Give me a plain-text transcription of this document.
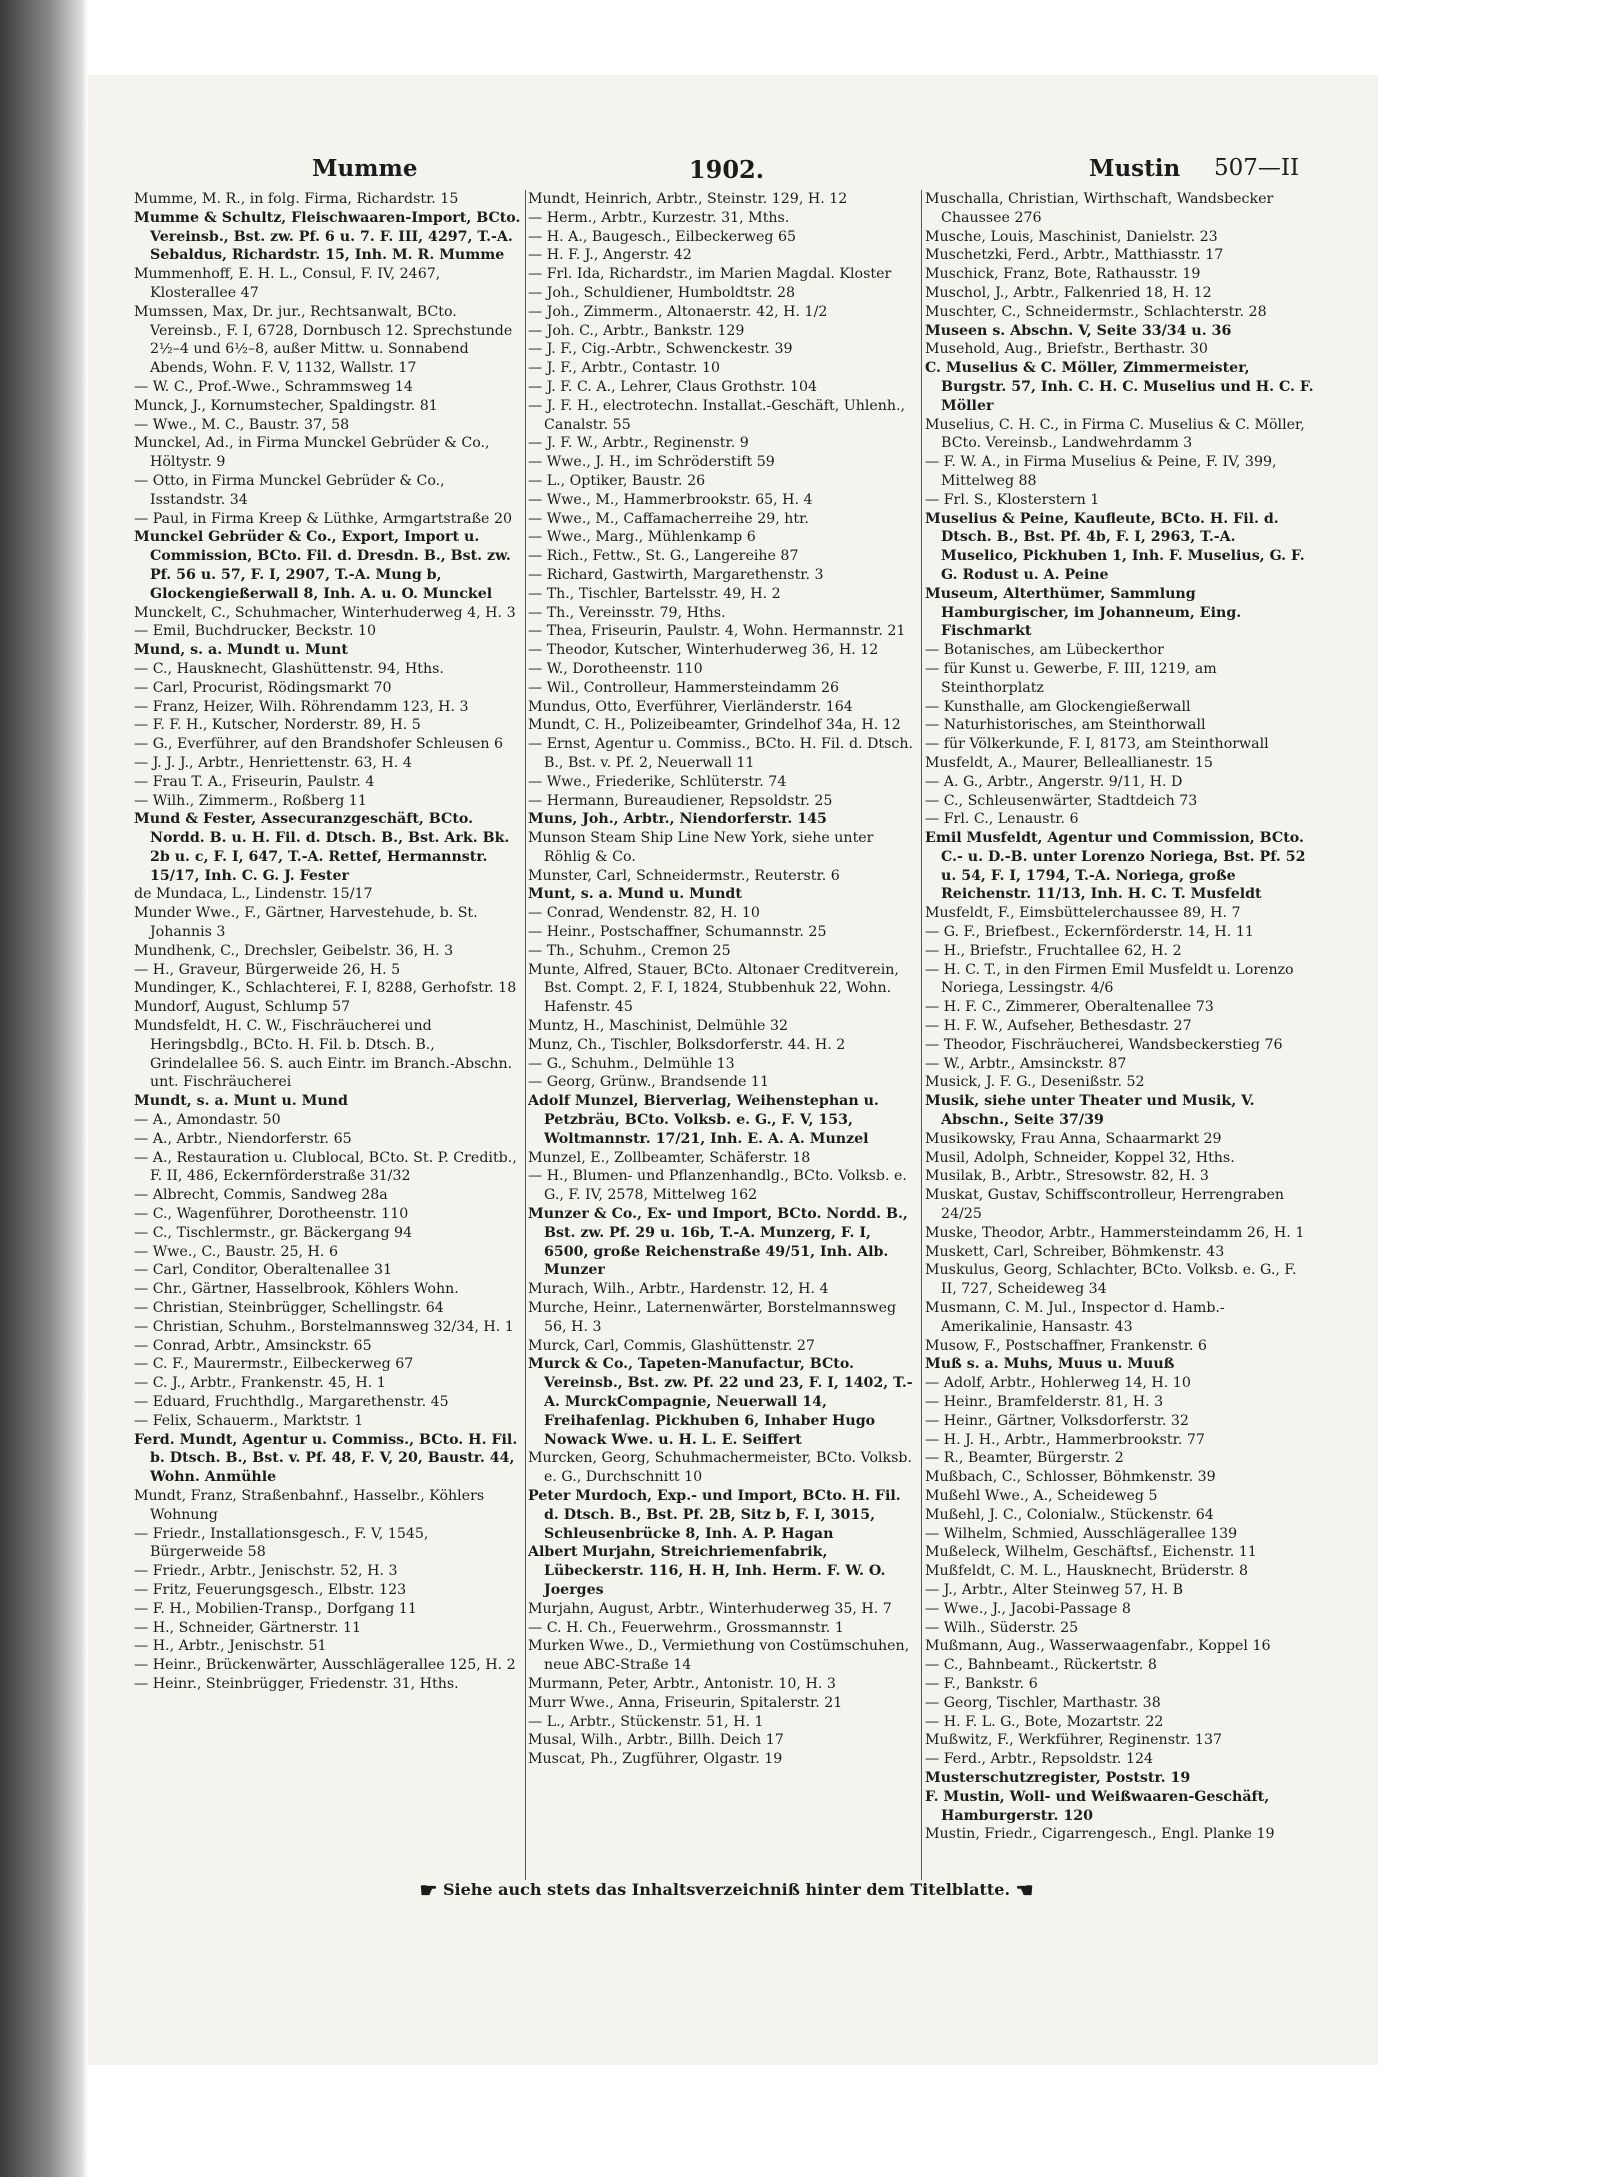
Mumme	1902.	Mustin 507—II

Mumme, M. R., in folg. Firma, Richardstr. 15

Mumme & Schultz, Fleischwaaren-Import, BCto. Vereinsb., Bst. zw. Pf. 6 u. 7. F. III, 4297, T.-A. Sebaldus, Richardstr. 15, Inh. M. R. Mumme

Mummenhoff, E. H. L., Consul, F. IV, 2467, Klosterallee 47

Mumssen, Max, Dr. jur., Rechtsanwalt, BCto. Vereinsb., F. I, 6728, Dornbusch 12. Sprechstunde 2½–4 und 6½–8, außer Mittw. u. Sonnabend Abends, Wohn. F. V, 1132, Wallstr. 17

— W. C., Prof.-Wwe., Schrammsweg 14

Munck, J., Kornumstecher, Spaldingstr. 81

— Wwe., M. C., Baustr. 37, 58

Munckel, Ad., in Firma Munckel Gebrüder & Co., Höltystr. 9

— Otto, in Firma Munckel Gebrüder & Co., Isstandstr. 34

— Paul, in Firma Kreep & Lüthke, Armgartstraße 20

Munckel Gebrüder & Co., Export, Import u. Commission, BCto. Fil. d. Dresdn. B., Bst. zw. Pf. 56 u. 57, F. I, 2907, T.-A. Mung b, Glockengießerwall 8, Inh. A. u. O. Munckel

Munckelt, C., Schuhmacher, Winterhuderweg 4, H. 3

— Emil, Buchdrucker, Beckstr. 10

Mund, s. a. Mundt u. Munt

— C., Hausknecht, Glashüttenstr. 94, Hths.

— Carl, Procurist, Rödingsmarkt 70

— Franz, Heizer, Wilh. Röhrendamm 123, H. 3

— F. F. H., Kutscher, Norderstr. 89, H. 5

— G., Everführer, auf den Brandshofer Schleusen 6

— J. J. J., Arbtr., Henriettenstr. 63, H. 4

— Frau T. A., Friseurin, Paulstr. 4

— Wilh., Zimmerm., Roßberg 11

Mund & Fester, Assecuranzgeschäft, BCto. Nordd. B. u. H. Fil. d. Dtsch. B., Bst. Ark. Bk. 2b u. c, F. I, 647, T.-A. Rettef, Hermannstr. 15/17, Inh. C. G. J. Fester

de Mundaca, L., Lindenstr. 15/17

Munder Wwe., F., Gärtner, Harvestehude, b. St. Johannis 3

Mundhenk, C., Drechsler, Geibelstr. 36, H. 3

— H., Graveur, Bürgerweide 26, H. 5

Mundinger, K., Schlachterei, F. I, 8288, Gerhofstr. 18

Mundorf, August, Schlump 57

Mundsfeldt, H. C. W., Fischräucherei und Heringsbdlg., BCto. H. Fil. b. Dtsch. B., Grindelallee 56. S. auch Eintr. im Branch.-Abschn. unt. Fischräucherei

Mundt, s. a. Munt u. Mund

— A., Amondastr. 50

— A., Arbtr., Niendorferstr. 65

— A., Restauration u. Clublocal, BCto. St. P. Creditb., F. II, 486, Eckernförderstraße 31/32

— Albrecht, Commis, Sandweg 28a

— C., Wagenführer, Dorotheenstr. 110

— C., Tischlermstr., gr. Bäckergang 94

— Wwe., C., Baustr. 25, H. 6

— Carl, Conditor, Oberaltenallee 31

— Chr., Gärtner, Hasselbrook, Köhlers Wohn.

— Christian, Steinbrügger, Schellingstr. 64

— Christian, Schuhm., Borstelmannsweg 32/34, H. 1

— Conrad, Arbtr., Amsinckstr. 65

— C. F., Maurermstr., Eilbeckerweg 67

— C. J., Arbtr., Frankenstr. 45, H. 1

— Eduard, Fruchthdlg., Margarethenstr. 45

— Felix, Schauerm., Marktstr. 1

Ferd. Mundt, Agentur u. Commiss., BCto. H. Fil. b. Dtsch. B., Bst. v. Pf. 48, F. V, 20, Baustr. 44, Wohn. Anmühle

Mundt, Franz, Straßenbahnf., Hasselbr., Köhlers Wohnung

— Friedr., Installationsgesch., F. V, 1545, Bürgerweide 58

— Friedr., Arbtr., Jenischstr. 52, H. 3

— Fritz, Feuerungsgesch., Elbstr. 123

— F. H., Mobilien-Transp., Dorfgang 11

— H., Schneider, Gärtnerstr. 11

— H., Arbtr., Jenischstr. 51

— Heinr., Brückenwärter, Ausschlägerallee 125, H. 2

— Heinr., Steinbrügger, Friedenstr. 31, Hths.

Mundt, Heinrich, Arbtr., Steinstr. 129, H. 12

— Herm., Arbtr., Kurzestr. 31, Mths.

— H. A., Baugesch., Eilbeckerweg 65

— H. F. J., Angerstr. 42

— Frl. Ida, Richardstr., im Marien Magdal. Kloster

— Joh., Schuldiener, Humboldtstr. 28

— Joh., Zimmerm., Altonaerstr. 42, H. 1/2

— Joh. C., Arbtr., Bankstr. 129

— J. F., Cig.-Arbtr., Schwenckestr. 39

— J. F., Arbtr., Contastr. 10

— J. F. C. A., Lehrer, Claus Grothstr. 104

— J. F. H., electrotechn. Installat.-Geschäft, Uhlenh., Canalstr. 55

— J. F. W., Arbtr., Reginenstr. 9

— Wwe., J. H., im Schröderstift 59

— L., Optiker, Baustr. 26

— Wwe., M., Hammerbrookstr. 65, H. 4

— Wwe., M., Caffamacherreihe 29, htr.

— Wwe., Marg., Mühlenkamp 6

— Rich., Fettw., St. G., Langereihe 87

— Richard, Gastwirth, Margarethenstr. 3

— Th., Tischler, Bartelsstr. 49, H. 2

— Th., Vereinsstr. 79, Hths.

— Thea, Friseurin, Paulstr. 4, Wohn. Hermannstr. 21

— Theodor, Kutscher, Winterhuderweg 36, H. 12

— W., Dorotheenstr. 110

— Wil., Controlleur, Hammersteindamm 26

Mundus, Otto, Everführer, Vierländerstr. 164

Mundt, C. H., Polizeibeamter, Grindelhof 34a, H. 12

— Ernst, Agentur u. Commiss., BCto. H. Fil. d. Dtsch. B., Bst. v. Pf. 2, Neuerwall 11

— Wwe., Friederike, Schlüterstr. 74

— Hermann, Bureaudiener, Repsoldstr. 25

Muns, Joh., Arbtr., Niendorferstr. 145

Munson Steam Ship Line New York, siehe unter Röhlig & Co.

Munster, Carl, Schneidermstr., Reuterstr. 6

Munt, s. a. Mund u. Mundt

— Conrad, Wendenstr. 82, H. 10

— Heinr., Postschaffner, Schumannstr. 25

— Th., Schuhm., Cremon 25

Munte, Alfred, Stauer, BCto. Altonaer Creditverein, Bst. Compt. 2, F. I, 1824, Stubbenhuk 22, Wohn. Hafenstr. 45

Muntz, H., Maschinist, Delmühle 32

Munz, Ch., Tischler, Bolksdorferstr. 44. H. 2

— G., Schuhm., Delmühle 13

— Georg, Grünw., Brandsende 11

Adolf Munzel, Bierverlag, Weihenstephan u. Petzbräu, BCto. Volksb. e. G., F. V, 153, Woltmannstr. 17/21, Inh. E. A. A. Munzel

Munzel, E., Zollbeamter, Schäferstr. 18

— H., Blumen- und Pflanzenhandlg., BCto. Volksb. e. G., F. IV, 2578, Mittelweg 162

Munzer & Co., Ex- und Import, BCto. Nordd. B., Bst. zw. Pf. 29 u. 16b, T.-A. Munzerg, F. I, 6500, große Reichenstraße 49/51, Inh. Alb. Munzer

Murach, Wilh., Arbtr., Hardenstr. 12, H. 4

Murche, Heinr., Laternenwärter, Borstelmannsweg 56, H. 3

Murck, Carl, Commis, Glashüttenstr. 27

Murck & Co., Tapeten-Manufactur, BCto. Vereinsb., Bst. zw. Pf. 22 und 23, F. I, 1402, T.-A. MurckCompagnie, Neuerwall 14, Freihafenlag. Pickhuben 6, Inhaber Hugo Nowack Wwe. u. H. L. E. Seiffert

Murcken, Georg, Schuhmachermeister, BCto. Volksb. e. G., Durchschnitt 10

Peter Murdoch, Exp.- und Import, BCto. H. Fil. d. Dtsch. B., Bst. Pf. 2B, Sitz b, F. I, 3015, Schleusenbrücke 8, Inh. A. P. Hagan

Albert Murjahn, Streichriemenfabrik, Lübeckerstr. 116, H. H, Inh. Herm. F. W. O. Joerges

Murjahn, August, Arbtr., Winterhuderweg 35, H. 7

— C. H. Ch., Feuerwehrm., Grossmannstr. 1

Murken Wwe., D., Vermiethung von Costümschuhen, neue ABC-Straße 14

Murmann, Peter, Arbtr., Antonistr. 10, H. 3

Murr Wwe., Anna, Friseurin, Spitalerstr. 21

— L., Arbtr., Stückenstr. 51, H. 1

Musal, Wilh., Arbtr., Billh. Deich 17

Muscat, Ph., Zugführer, Olgastr. 19

Muschalla, Christian, Wirthschaft, Wandsbecker Chaussee 276

Musche, Louis, Maschinist, Danielstr. 23

Muschetzki, Ferd., Arbtr., Matthiasstr. 17

Muschick, Franz, Bote, Rathausstr. 19

Muschol, J., Arbtr., Falkenried 18, H. 12

Muschter, C., Schneidermstr., Schlachterstr. 28

Museen s. Abschn. V, Seite 33/34 u. 36

Musehold, Aug., Briefstr., Berthastr. 30

C. Muselius & C. Möller, Zimmermeister, Burgstr. 57, Inh. C. H. C. Muselius und H. C. F. Möller

Muselius, C. H. C., in Firma C. Muselius & C. Möller, BCto. Vereinsb., Landwehrdamm 3

— F. W. A., in Firma Muselius & Peine, F. IV, 399, Mittelweg 88

— Frl. S., Klosterstern 1

Muselius & Peine, Kaufleute, BCto. H. Fil. d. Dtsch. B., Bst. Pf. 4b, F. I, 2963, T.-A. Muselico, Pickhuben 1, Inh. F. Muselius, G. F. G. Rodust u. A. Peine

Museum, Alterthümer, Sammlung Hamburgischer, im Johanneum, Eing. Fischmarkt

— Botanisches, am Lübeckerthor

— für Kunst u. Gewerbe, F. III, 1219, am Steinthorplatz

— Kunsthalle, am Glockengießerwall

— Naturhistorisches, am Steinthorwall

— für Völkerkunde, F. I, 8173, am Steinthorwall

Musfeldt, A., Maurer, Belleallianestr. 15

— A. G., Arbtr., Angerstr. 9/11, H. D

— C., Schleusenwärter, Stadtdeich 73

— Frl. C., Lenaustr. 6

Emil Musfeldt, Agentur und Commission, BCto. C.- u. D.-B. unter Lorenzo Noriega, Bst. Pf. 52 u. 54, F. I, 1794, T.-A. Noriega, große Reichenstr. 11/13, Inh. H. C. T. Musfeldt

Musfeldt, F., Eimsbüttelerchaussee 89, H. 7

— G. F., Briefbest., Eckernförderstr. 14, H. 11

— H., Briefstr., Fruchtallee 62, H. 2

— H. C. T., in den Firmen Emil Musfeldt u. Lorenzo Noriega, Lessingstr. 4/6

— H. F. C., Zimmerer, Oberaltenallee 73

— H. F. W., Aufseher, Bethesdastr. 27

— Theodor, Fischräucherei, Wandsbeckerstieg 76

— W., Arbtr., Amsinckstr. 87

Musick, J. F. G., Desenißstr. 52

Musik, siehe unter Theater und Musik, V. Abschn., Seite 37/39

Musikowsky, Frau Anna, Schaarmarkt 29

Musil, Adolph, Schneider, Koppel 32, Hths.

Musilak, B., Arbtr., Stresowstr. 82, H. 3

Muskat, Gustav, Schiffscontrolleur, Herrengraben 24/25

Muske, Theodor, Arbtr., Hammersteindamm 26, H. 1

Muskett, Carl, Schreiber, Böhmkenstr. 43

Muskulus, Georg, Schlachter, BCto. Volksb. e. G., F. II, 727, Scheideweg 34

Musmann, C. M. Jul., Inspector d. Hamb.-Amerikalinie, Hansastr. 43

Musow, F., Postschaffner, Frankenstr. 6

Muß s. a. Muhs, Muus u. Muuß

— Adolf, Arbtr., Hohlerweg 14, H. 10

— Heinr., Bramfelderstr. 81, H. 3

— Heinr., Gärtner, Volksdorferstr. 32

— H. J. H., Arbtr., Hammerbrookstr. 77

— R., Beamter, Bürgerstr. 2

Mußbach, C., Schlosser, Böhmkenstr. 39

Mußehl Wwe., A., Scheideweg 5

Mußehl, J. C., Colonialw., Stückenstr. 64

— Wilhelm, Schmied, Ausschlägerallee 139

Mußeleck, Wilhelm, Geschäftsf., Eichenstr. 11

Mußfeldt, C. M. L., Hausknecht, Brüderstr. 8

— J., Arbtr., Alter Steinweg 57, H. B

— Wwe., J., Jacobi-Passage 8

— Wilh., Süderstr. 25

Mußmann, Aug., Wasserwaagenfabr., Koppel 16

— C., Bahnbeamt., Rückertstr. 8

— F., Bankstr. 6

— Georg, Tischler, Marthastr. 38

— H. F. L. G., Bote, Mozartstr. 22

Mußwitz, F., Werkführer, Reginenstr. 137

— Ferd., Arbtr., Repsoldstr. 124

Musterschutzregister, Poststr. 19

F. Mustin, Woll- und Weißwaaren-Geschäft, Hamburgerstr. 120

Mustin, Friedr., Cigarrengesch., Engl. Planke 19

☛ Siehe auch stets das Inhaltsverzeichniß hinter dem Titelblatte. ☚
